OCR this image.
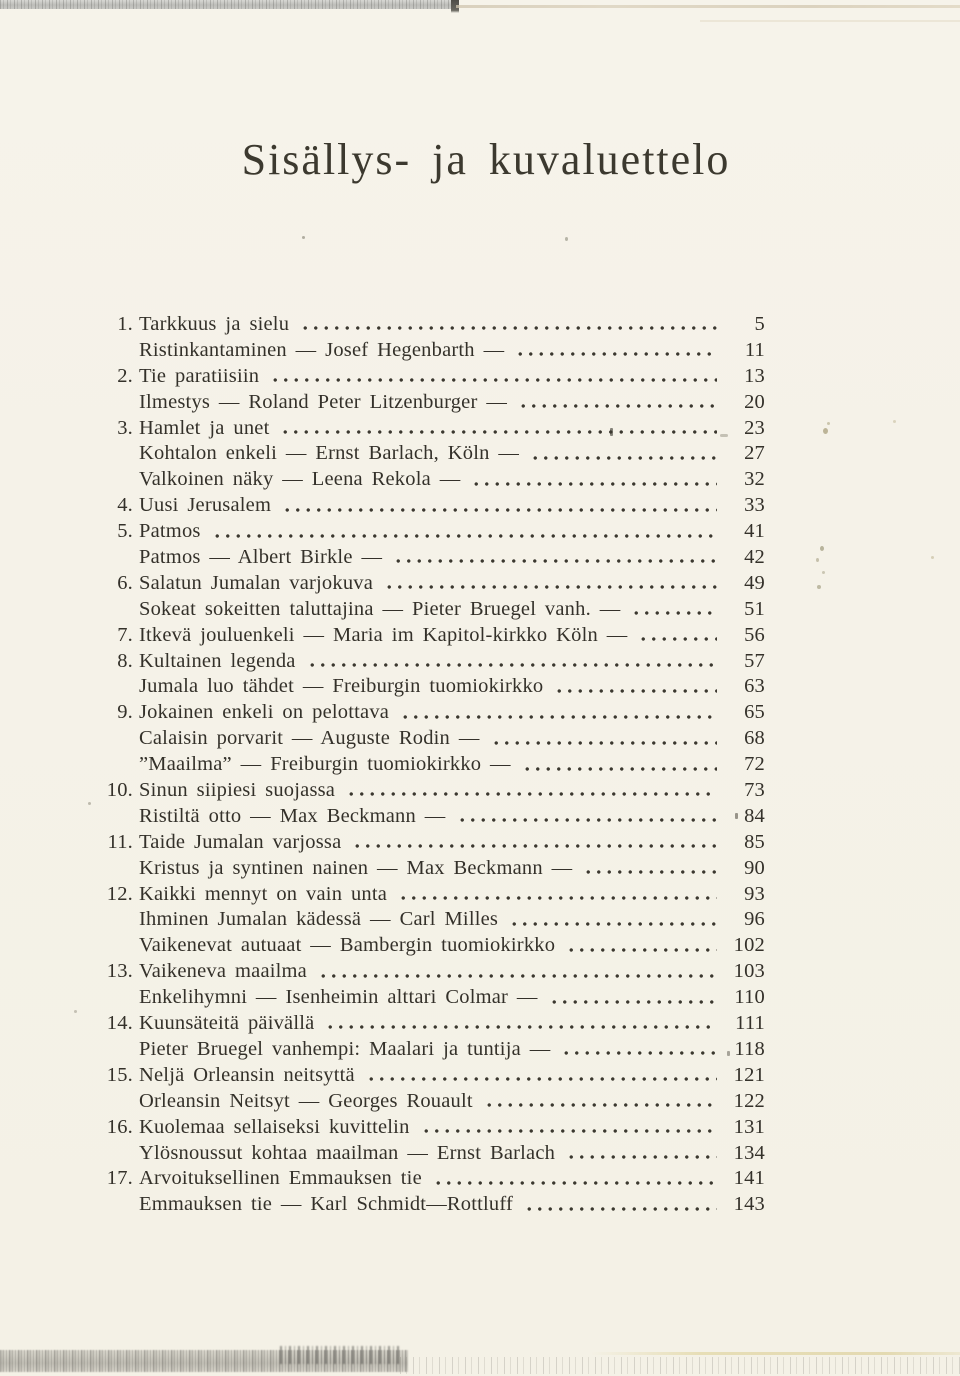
Sisällys- ja kuvaluettelo
1. Tarkkuus ja sielu	5
Ristinkantaminen — Josef Hegenbarth —	11
2. Tie paratiisiin	13
Ilmestys — Roland Peter Litzenburger —	20
3. Hamlet ja unet	23
Kohtalon enkeli — Ernst Barlach, Köln —	27
Valkoinen näky — Leena Rekola —	32
4. Uusi Jerusalem	33
5. Patmos	41
Patmos — Albert Birkle —	42
6. Salatun Jumalan varjokuva	49
Sokeat sokeitten taluttajina — Pieter Bruegel vanh. —	51
7. Itkevä jouluenkeli — Maria im Kapitol-kirkko Köln —	56
8. Kultainen legenda	57
Jumala luo tähdet — Freiburgin tuomiokirkko	63
9. Jokainen enkeli on pelottava	65
Calaisin porvarit — Auguste Rodin —	68
”Maailma” — Freiburgin tuomiokirkko —	72
10. Sinun siipiesi suojassa	73
Ristiltä otto — Max Beckmann —	84
11. Taide Jumalan varjossa	85
Kristus ja syntinen nainen — Max Beckmann —	90
12. Kaikki mennyt on vain unta	93
Ihminen Jumalan kädessä — Carl Milles	96
Vaikenevat autuaat — Bambergin tuomiokirkko	102
13. Vaikeneva maailma	103
Enkelihymni — Isenheimin alttari Colmar —	110
14. Kuunsäteitä päivällä	111
Pieter Bruegel vanhempi: Maalari ja tuntija —	118
15. Neljä Orleansin neitsyttä	121
Orleansin Neitsyt — Georges Rouault	122
16. Kuolemaa sellaiseksi kuvittelin	131
Ylösnoussut kohtaa maailman — Ernst Barlach	134
17. Arvoituksellinen Emmauksen tie	141
Emmauksen tie — Karl Schmidt—Rottluff	143
